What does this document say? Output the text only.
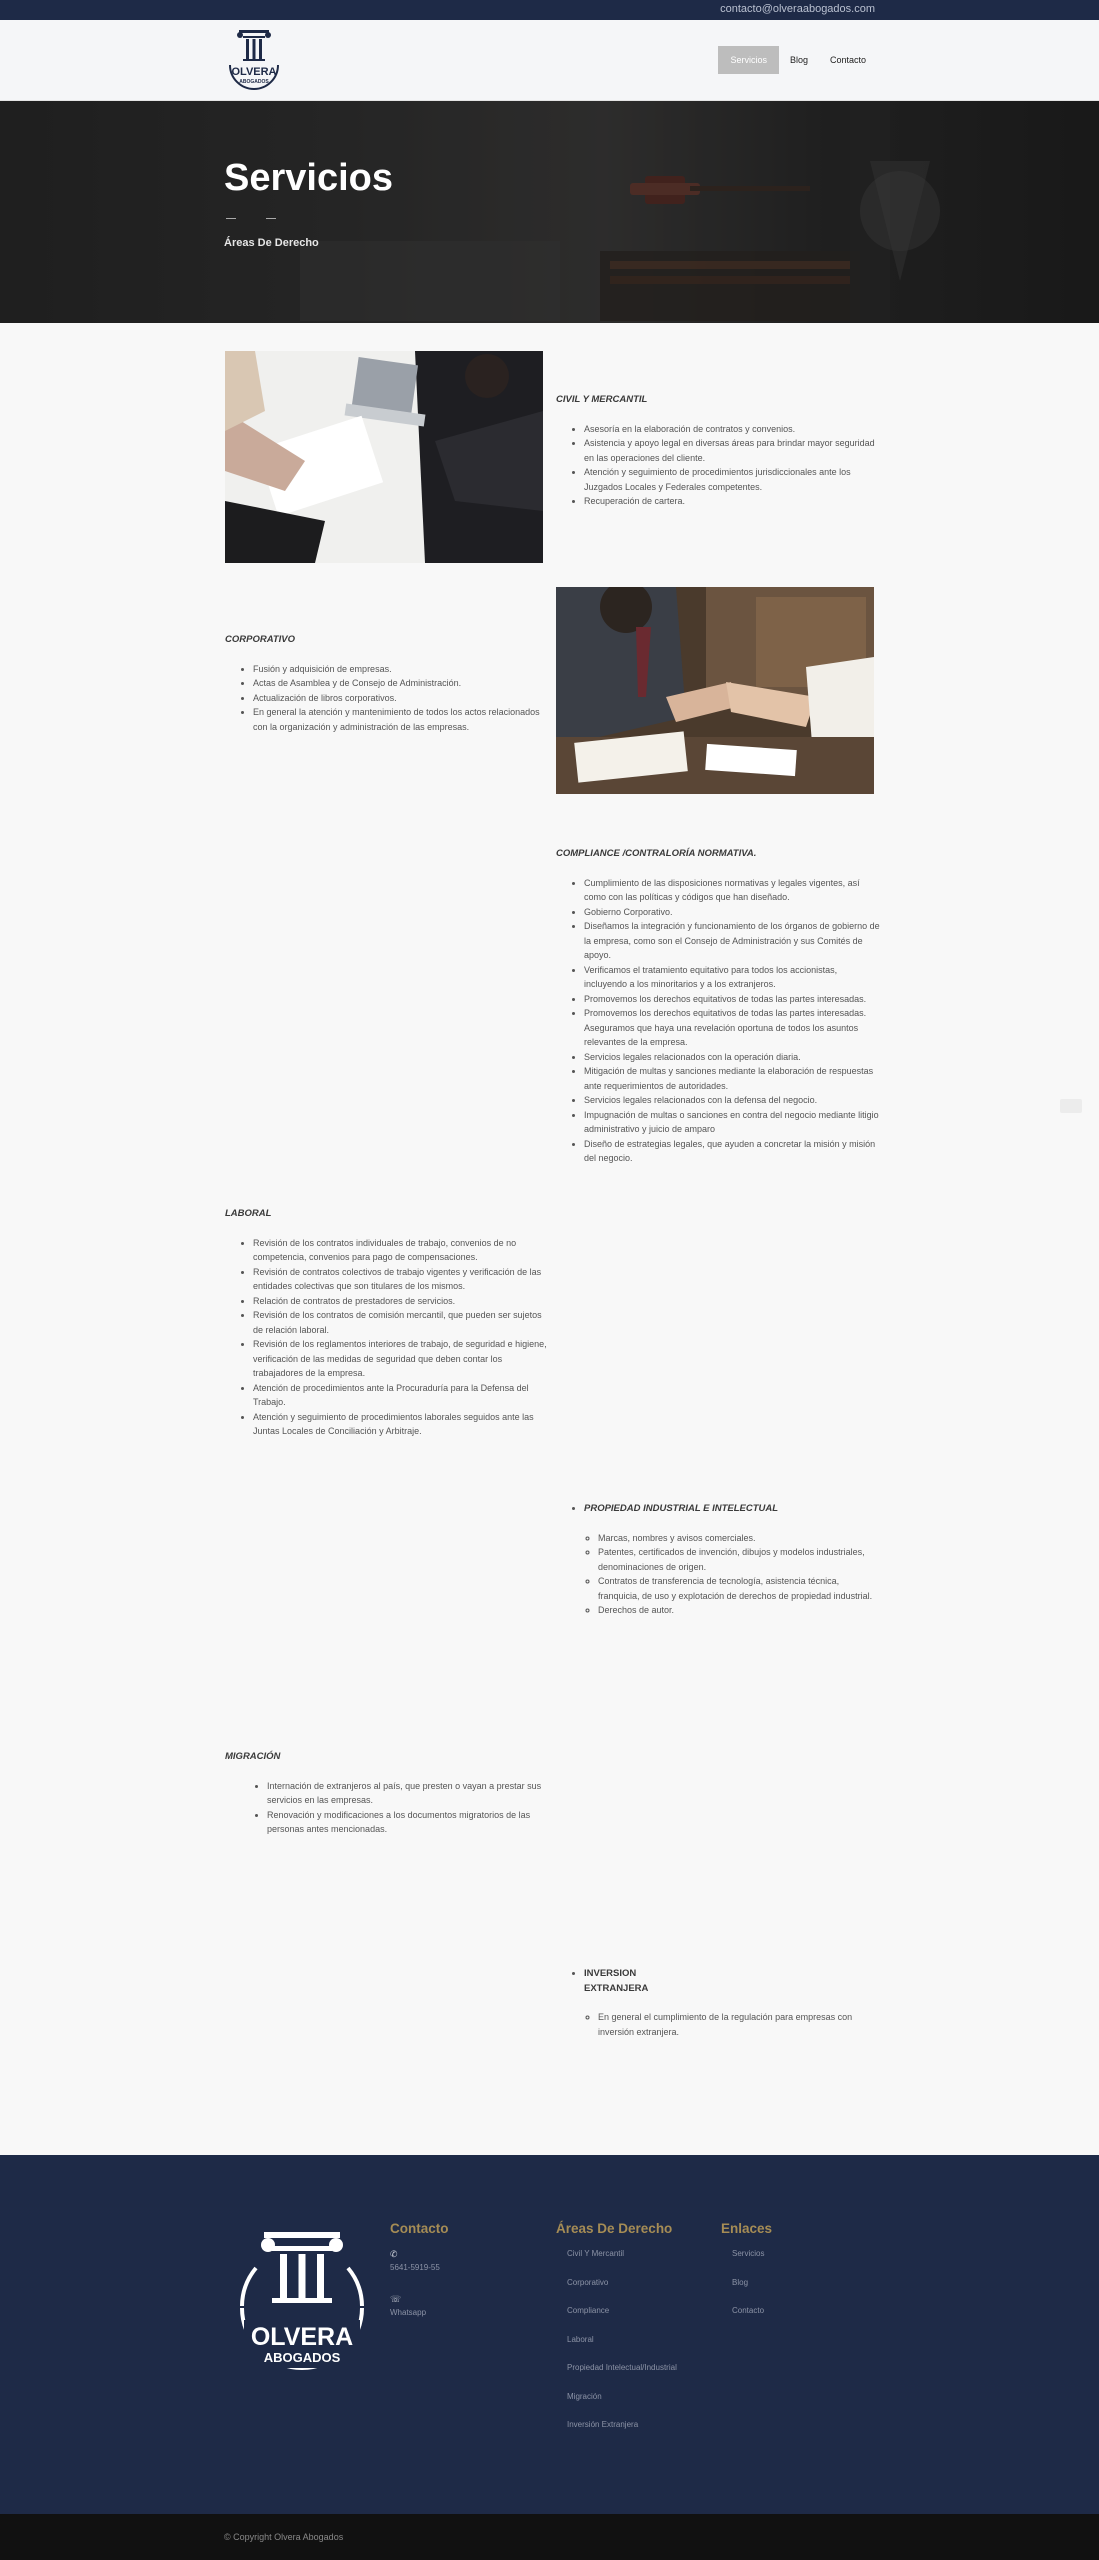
contacto@olveraabogados.com
OLVERA
ABOGADOS
Servicios	Blog	Contacto
Servicios
Áreas De Derecho
CIVIL Y MERCANTIL
• Asesoría en la elaboración de contratos y convenios.
• Asistencia y apoyo legal en diversas áreas para brindar mayor seguridad en las operaciones del cliente.
• Atención y seguimiento de procedimientos jurisdiccionales ante los Juzgados Locales y Federales competentes.
• Recuperación de cartera.
CORPORATIVO
• Fusión y adquisición de empresas.
• Actas de Asamblea y de Consejo de Administración.
• Actualización de libros corporativos.
• En general la atención y mantenimiento de todos los actos relacionados con la organización y administración de las empresas.
COMPLIANCE /CONTRALORÍA NORMATIVA.
• Cumplimiento de las disposiciones normativas y legales vigentes, así como con las políticas y códigos que han diseñado.
• Gobierno Corporativo.
• Diseñamos la integración y funcionamiento de los órganos de gobierno de la empresa, como son el Consejo de Administración y sus Comités de apoyo.
• Verificamos el tratamiento equitativo para todos los accionistas, incluyendo a los minoritarios y a los extranjeros.
• Promovemos los derechos equitativos de todas las partes interesadas.
• Promovemos los derechos equitativos de todas las partes interesadas. Aseguramos que haya una revelación oportuna de todos los asuntos relevantes de la empresa.
• Servicios legales relacionados con la operación diaria.
• Mitigación de multas y sanciones mediante la elaboración de respuestas ante requerimientos de autoridades.
• Servicios legales relacionados con la defensa del negocio.
• Impugnación de multas o sanciones en contra del negocio mediante litigio administrativo y juicio de amparo
• Diseño de estrategias legales, que ayuden a concretar la misión y misión del negocio.
LABORAL
• Revisión de los contratos individuales de trabajo, convenios de no competencia, convenios para pago de compensaciones.
• Revisión de contratos colectivos de trabajo vigentes y verificación de las entidades colectivas que son titulares de los mismos.
• Relación de contratos de prestadores de servicios.
• Revisión de los contratos de comisión mercantil, que pueden ser sujetos de relación laboral.
• Revisión de los reglamentos interiores de trabajo, de seguridad e higiene, verificación de las medidas de seguridad que deben contar los trabajadores de la empresa.
• Atención de procedimientos ante la Procuraduría para la Defensa del Trabajo.
• Atención y seguimiento de procedimientos laborales seguidos ante las Juntas Locales de Conciliación y Arbitraje.
• PROPIEDAD INDUSTRIAL E INTELECTUAL
◦ Marcas, nombres y avisos comerciales.
◦ Patentes, certificados de invención, dibujos y modelos industriales, denominaciones de origen.
◦ Contratos de transferencia de tecnología, asistencia técnica, franquicia, de uso y explotación de derechos de propiedad industrial.
◦ Derechos de autor.
MIGRACIÓN
• Internación de extranjeros al país, que presten o vayan a prestar sus servicios en las empresas.
• Renovación y modificaciones a los documentos migratorios de las personas antes mencionadas.
• INVERSION
EXTRANJERA
◦ En general el cumplimiento de la regulación para empresas con inversión extranjera.
OLVERA
ABOGADOS
Contacto
✆
5641-5919-55
☏
Whatsapp
Áreas De Derecho
Civil Y Mercantil
Corporativo
Compliance
Laboral
Propiedad Intelectual/Industrial
Migración
Inversión Extranjera
Enlaces
Servicios
Blog
Contacto
© Copyright Olvera Abogados
